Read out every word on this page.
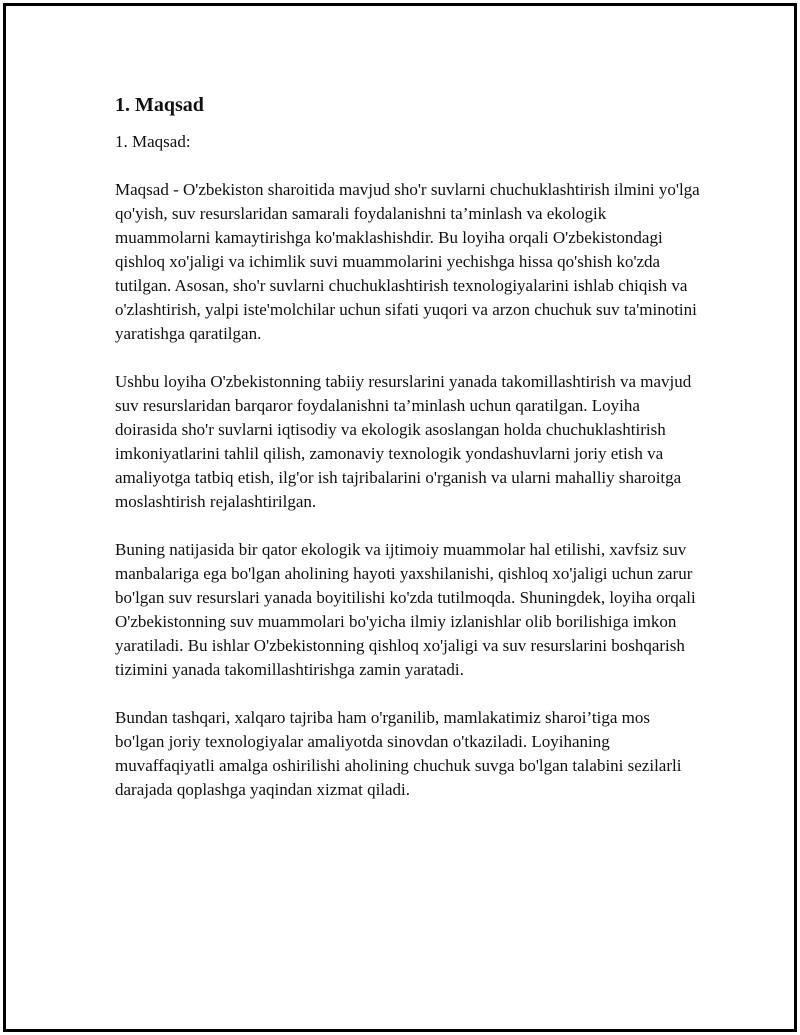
1. Maqsad

1. Maqsad:

Maqsad - O'zbekiston sharoitida mavjud sho'r suvlarni chuchuklashtirish ilmini yo'lga qo'yish, suv resurslaridan samarali foydalanishni ta’minlash va ekologik muammolarni kamaytirishga ko'maklashishdir. Bu loyiha orqali O'zbekistondagi qishloq xo'jaligi va ichimlik suvi muammolarini yechishga hissa qo'shish ko'zda tutilgan. Asosan, sho'r suvlarni chuchuklashtirish texnologiyalarini ishlab chiqish va o'zlashtirish, yalpi iste'molchilar uchun sifati yuqori va arzon chuchuk suv ta'minotini yaratishga qaratilgan.

Ushbu loyiha O'zbekistonning tabiiy resurslarini yanada takomillashtirish va mavjud suv resurslaridan barqaror foydalanishni ta’minlash uchun qaratilgan. Loyiha doirasida sho'r suvlarni iqtisodiy va ekologik asoslangan holda chuchuklashtirish imkoniyatlarini tahlil qilish, zamonaviy texnologik yondashuvlarni joriy etish va amaliyotga tatbiq etish, ilg'or ish tajribalarini o'rganish va ularni mahalliy sharoitga moslashtirish rejalashtirilgan.

Buning natijasida bir qator ekologik va ijtimoiy muammolar hal etilishi, xavfsiz suv manbalariga ega bo'lgan aholining hayoti yaxshilanishi, qishloq xo'jaligi uchun zarur bo'lgan suv resurslari yanada boyitilishi ko'zda tutilmoqda. Shuningdek, loyiha orqali O'zbekistonning suv muammolari bo'yicha ilmiy izlanishlar olib borilishiga imkon yaratiladi. Bu ishlar O'zbekistonning qishloq xo'jaligi va suv resurslarini boshqarish tizimini yanada takomillashtirishga zamin yaratadi.

Bundan tashqari, xalqaro tajriba ham o'rganilib, mamlakatimiz sharoi’tiga mos bo'lgan joriy texnologiyalar amaliyotda sinovdan o'tkaziladi. Loyihaning muvaffaqiyatli amalga oshirilishi aholining chuchuk suvga bo'lgan talabini sezilarli darajada qoplashga yaqindan xizmat qiladi.
